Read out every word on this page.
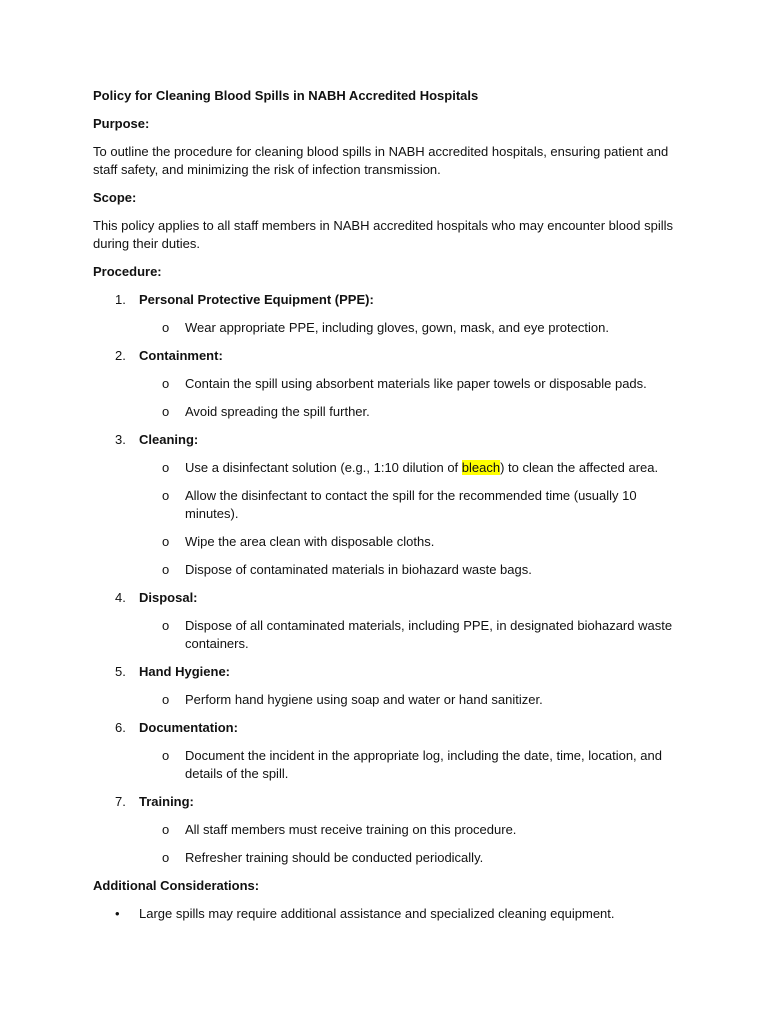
Policy for Cleaning Blood Spills in NABH Accredited Hospitals
Purpose:
To outline the procedure for cleaning blood spills in NABH accredited hospitals, ensuring patient and staff safety, and minimizing the risk of infection transmission.
Scope:
This policy applies to all staff members in NABH accredited hospitals who may encounter blood spills during their duties.
Procedure:
1. Personal Protective Equipment (PPE):
o Wear appropriate PPE, including gloves, gown, mask, and eye protection.
2. Containment:
o Contain the spill using absorbent materials like paper towels or disposable pads.
o Avoid spreading the spill further.
3. Cleaning:
o Use a disinfectant solution (e.g., 1:10 dilution of bleach) to clean the affected area.
o Allow the disinfectant to contact the spill for the recommended time (usually 10 minutes).
o Wipe the area clean with disposable cloths.
o Dispose of contaminated materials in biohazard waste bags.
4. Disposal:
o Dispose of all contaminated materials, including PPE, in designated biohazard waste containers.
5. Hand Hygiene:
o Perform hand hygiene using soap and water or hand sanitizer.
6. Documentation:
o Document the incident in the appropriate log, including the date, time, location, and details of the spill.
7. Training:
o All staff members must receive training on this procedure.
o Refresher training should be conducted periodically.
Additional Considerations:
• Large spills may require additional assistance and specialized cleaning equipment.
